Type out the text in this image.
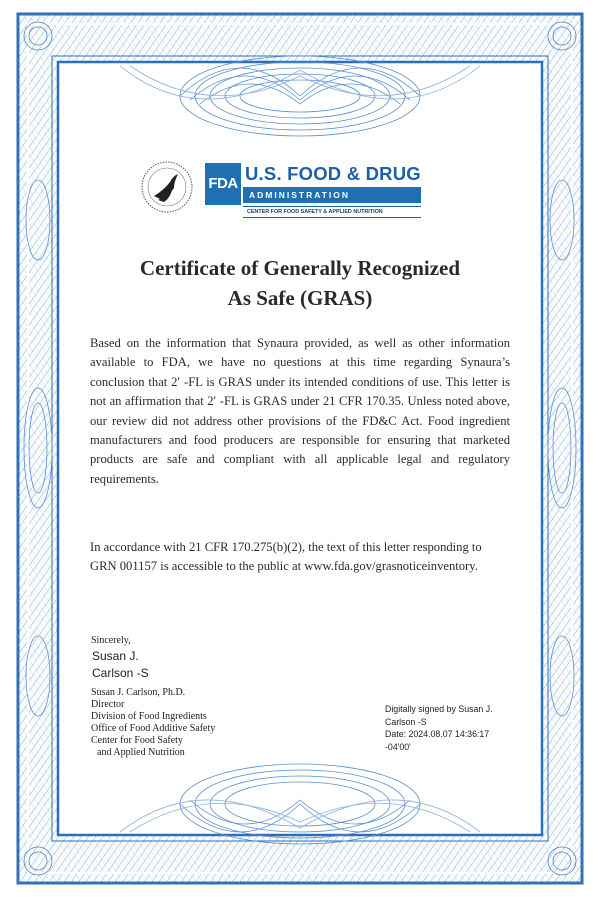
FDA U.S. FOOD & DRUG
ADMINISTRATION
CENTER FOR FOOD SAFETY & APPLIED NUTRITION
Certificate of Generally Recognized
As Safe (GRAS)
Based on the information that Synaura provided, as well as other information available to FDA, we have no questions at this time regarding Synaura’s conclusion that 2′ -FL is GRAS under its intended conditions of use. This letter is not an affirmation that 2′ -FL is GRAS under 21 CFR 170.35. Unless noted above, our review did not address other provisions of the FD&C Act. Food ingredient manufacturers and food producers are responsible for ensuring that marketed products are safe and compliant with all applicable legal and regulatory requirements.
In accordance with 21 CFR 170.275(b)(2), the text of this letter responding to GRN 001157 is accessible to the public at www.fda.gov/grasnoticeinventory.
Sincerely,
Susan J.
Carlson -S
Susan J. Carlson, Ph.D.
Director
Division of Food Ingredients
Office of Food Additive Safety
Center for Food Safety
and Applied Nutrition
Digitally signed by Susan J.
Carlson -S
Date: 2024.08.07 14:36:17
-04'00'
